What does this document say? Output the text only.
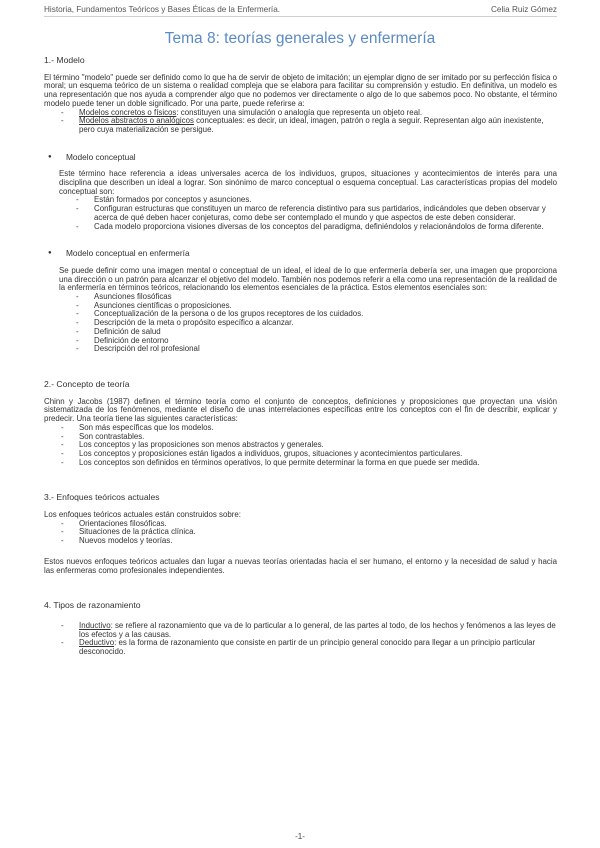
Historia, Fundamentos Teóricos y Bases Éticas de la Enfermería.	Celia Ruiz Gómez
Tema 8: teorías generales y enfermería

1.- Modelo

El término "modelo" puede ser definido como lo que ha de servir de objeto de imitación; un ejemplar digno de ser imitado por su perfección física o moral; un esquema teórico de un sistema o realidad compleja que se elabora para facilitar su comprensión y estudio. En definitiva, un modelo es una representación que nos ayuda a comprender algo que no podemos ver directamente o algo de lo que sabemos poco. No obstante, el término modelo puede tener un doble significado. Por una parte, puede referirse a:

- Modelos concretos o físicos: constituyen una simulación o analogía que representa un objeto real.
- Modelos abstractos o analógicos conceptuales: es decir, un ideal, imagen, patrón o regla a seguir. Representan algo aún inexistente, pero cuya materialización se persigue.

● Modelo conceptual

Este término hace referencia a ideas universales acerca de los individuos, grupos, situaciones y acontecimientos de interés para una disciplina que describen un ideal a lograr. Son sinónimo de marco conceptual o esquema conceptual. Las características propias del modelo conceptual son:

- Están formados por conceptos y asunciones.
- Configuran estructuras que constituyen un marco de referencia distintivo para sus partidarios, indicándoles que deben observar y acerca de qué deben hacer conjeturas, como debe ser contemplado el mundo y que aspectos de este deben considerar.
- Cada modelo proporciona visiones diversas de los conceptos del paradigma, definiéndolos y relacionándolos de forma diferente.

● Modelo conceptual en enfermería

Se puede definir como una imagen mental o conceptual de un ideal, el ideal de lo que enfermería debería ser, una imagen que proporciona una dirección o un patrón para alcanzar el objetivo del modelo. También nos podemos referir a ella como una representación de la realidad de la enfermería en términos teóricos, relacionando los elementos esenciales de la práctica. Estos elementos esenciales son:

- Asunciones filosóficas
- Asunciones científicas o proposiciones.
- Conceptualización de la persona o de los grupos receptores de los cuidados.
- Descripción de la meta o propósito específico a alcanzar.
- Definición de salud
- Definición de entorno
- Descripción del rol profesional

2.- Concepto de teoría

Chinn y Jacobs (1987) definen el término teoría como el conjunto de conceptos, definiciones y proposiciones que proyectan una visión sistematizada de los fenómenos, mediante el diseño de unas interrelaciones específicas entre los conceptos con el fin de describir, explicar y predecir. Una teoría tiene las siguientes características:

- Son más específicas que los modelos.
- Son contrastables.
- Los conceptos y las proposiciones son menos abstractos y generales.
- Los conceptos y proposiciones están ligados a individuos, grupos, situaciones y acontecimientos particulares.
- Los conceptos son definidos en términos operativos, lo que permite determinar la forma en que puede ser medida.

3.- Enfoques teóricos actuales

Los enfoques teóricos actuales están construidos sobre:

- Orientaciones filosóficas.
- Situaciones de la práctica clínica.
- Nuevos modelos y teorías.

Estos nuevos enfoques teóricos actuales dan lugar a nuevas teorías orientadas hacia el ser humano, el entorno y la necesidad de salud y hacia las enfermeras como profesionales independientes.

4. Tipos de razonamiento

- Inductivo: se refiere al razonamiento que va de lo particular a lo general, de las partes al todo, de los hechos y fenómenos a las leyes de los efectos y a las causas.
- Deductivo: es la forma de razonamiento que consiste en partir de un principio general conocido para llegar a un principio particular desconocido.
-1-
